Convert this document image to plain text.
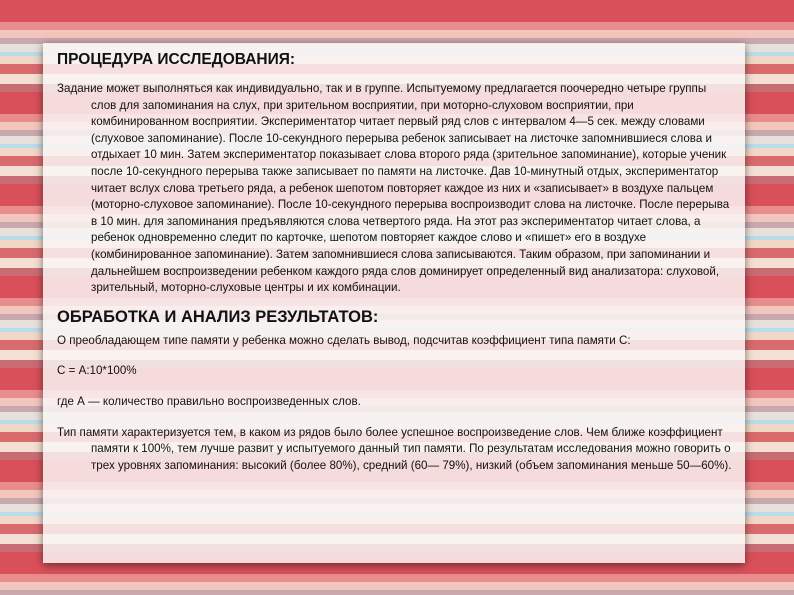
ПРОЦЕДУРА ИССЛЕДОВАНИЯ:

Задание может выполняться как индивидуально, так и в группе. Испытуемому предлагается поочередно четыре группы слов для запоминания на слух, при зрительном восприятии, при моторно-слуховом восприятии, при комбинированном восприятии. Экспериментатор читает первый ряд слов с интервалом 4—5 сек. между словами (слуховое запоминание). После 10-секундного перерыва ребенок записывает на листочке запомнившиеся слова и отдыхает 10 мин. Затем экспериментатор показывает слова второго ряда (зрительное запоминание), которые ученик после 10-секундного перерыва также записывает по памяти на листочке. Дав 10-минутный отдых, экспериментатор читает вслух слова третьего ряда, а ребенок шепотом повторяет каждое из них и «записывает» в воздухе пальцем (моторно-слуховое запоминание). После 10-секундного перерыва воспроизводит слова на листочке. После перерыва в 10 мин. для запоминания предъявляются слова четвертого ряда. На этот раз экспериментатор читает слова, а ребенок одновременно следит по карточке, шепотом повторяет каждое слово и «пишет» его в воздухе (комбинированное запоминание). Затем запомнившиеся слова записываются. Таким образом, при запоминании и дальнейшем воспроизведении ребенком каждого ряда слов доминирует определенный вид анализатора: слуховой, зрительный, моторно-слуховые центры и их комбинации.

ОБРАБОТКА И АНАЛИЗ РЕЗУЛЬТАТОВ:

О преобладающем типе памяти у ребенка можно сделать вывод, подсчитав коэффициент типа памяти С:

С = А:10*100%

где А — количество правильно воспроизведенных слов.

Тип памяти характеризуется тем, в каком из рядов было более успешное воспроизведение слов. Чем ближе коэффициент памяти к 100%, тем лучше развит у испытуемого данный тип памяти. По результатам исследования можно говорить о трех уровнях запоминания: высокий (более 80%), средний (60— 79%), низкий (объем запоминания меньше 50—60%).
